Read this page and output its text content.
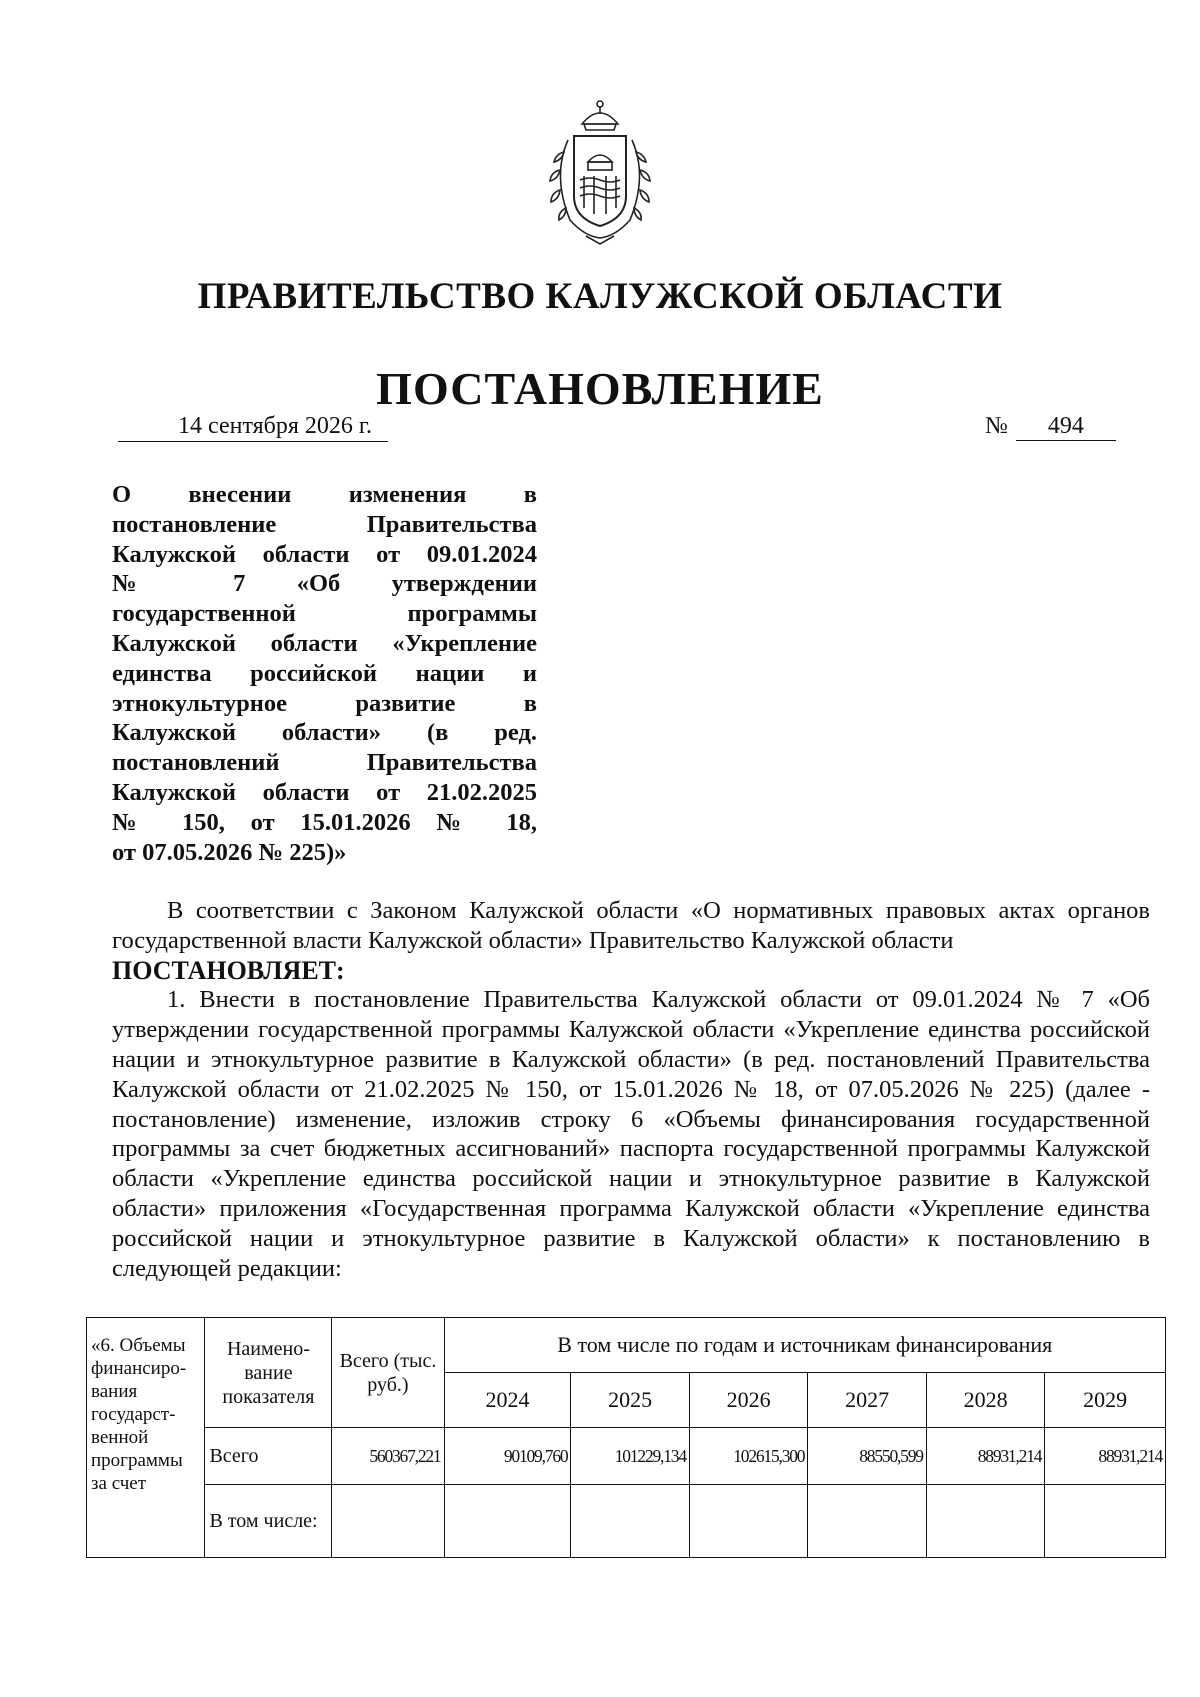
ПРАВИТЕЛЬСТВО КАЛУЖСКОЙ ОБЛАСТИ
ПОСТАНОВЛЕНИЕ
14 сентября 2026 г.	№ 494
О внесении изменения в
постановление Правительства
Калужской области от 09.01.2024
№ 7 «Об утверждении
государственной программы
Калужской области «Укрепление
единства российской нации и
этнокультурное развитие в
Калужской области» (в ред.
постановлений Правительства
Калужской области от 21.02.2025
№ 150, от 15.01.2026 № 18,
от 07.05.2026 № 225)»

В соответствии с Законом Калужской области «О нормативных правовых актах органов государственной власти Калужской области» Правительство Калужской области

ПОСТАНОВЛЯЕТ:

1. Внести в постановление Правительства Калужской области от 09.01.2024 № 7 «Об утверждении государственной программы Калужской области «Укрепление единства российской нации и этнокультурное развитие в Калужской области» (в ред. постановлений Правительства Калужской области от 21.02.2025 № 150, от 15.01.2026 № 18, от 07.05.2026 № 225) (далее - постановление) изменение, изложив строку 6 «Объемы финансирования государственной программы за счет бюджетных ассигнований» паспорта государственной программы Калужской области «Укрепление единства российской нации и этнокультурное развитие в Калужской области» приложения «Государственная программа Калужской области «Укрепление единства российской нации и этнокультурное развитие в Калужской области» к постановлению в следующей редакции:

«6. Объемы финансиро-вания государст-венной программы за счет	Наимено-вание показателя	Всего (тыс. руб.)	В том числе по годам и источникам финансирования					
			2024	2025	2026	2027	2028	2029
	Всего	560367,221	90109,760	101229,134	102615,300	88550,599	88931,214	88931,214
	В том числе:							
